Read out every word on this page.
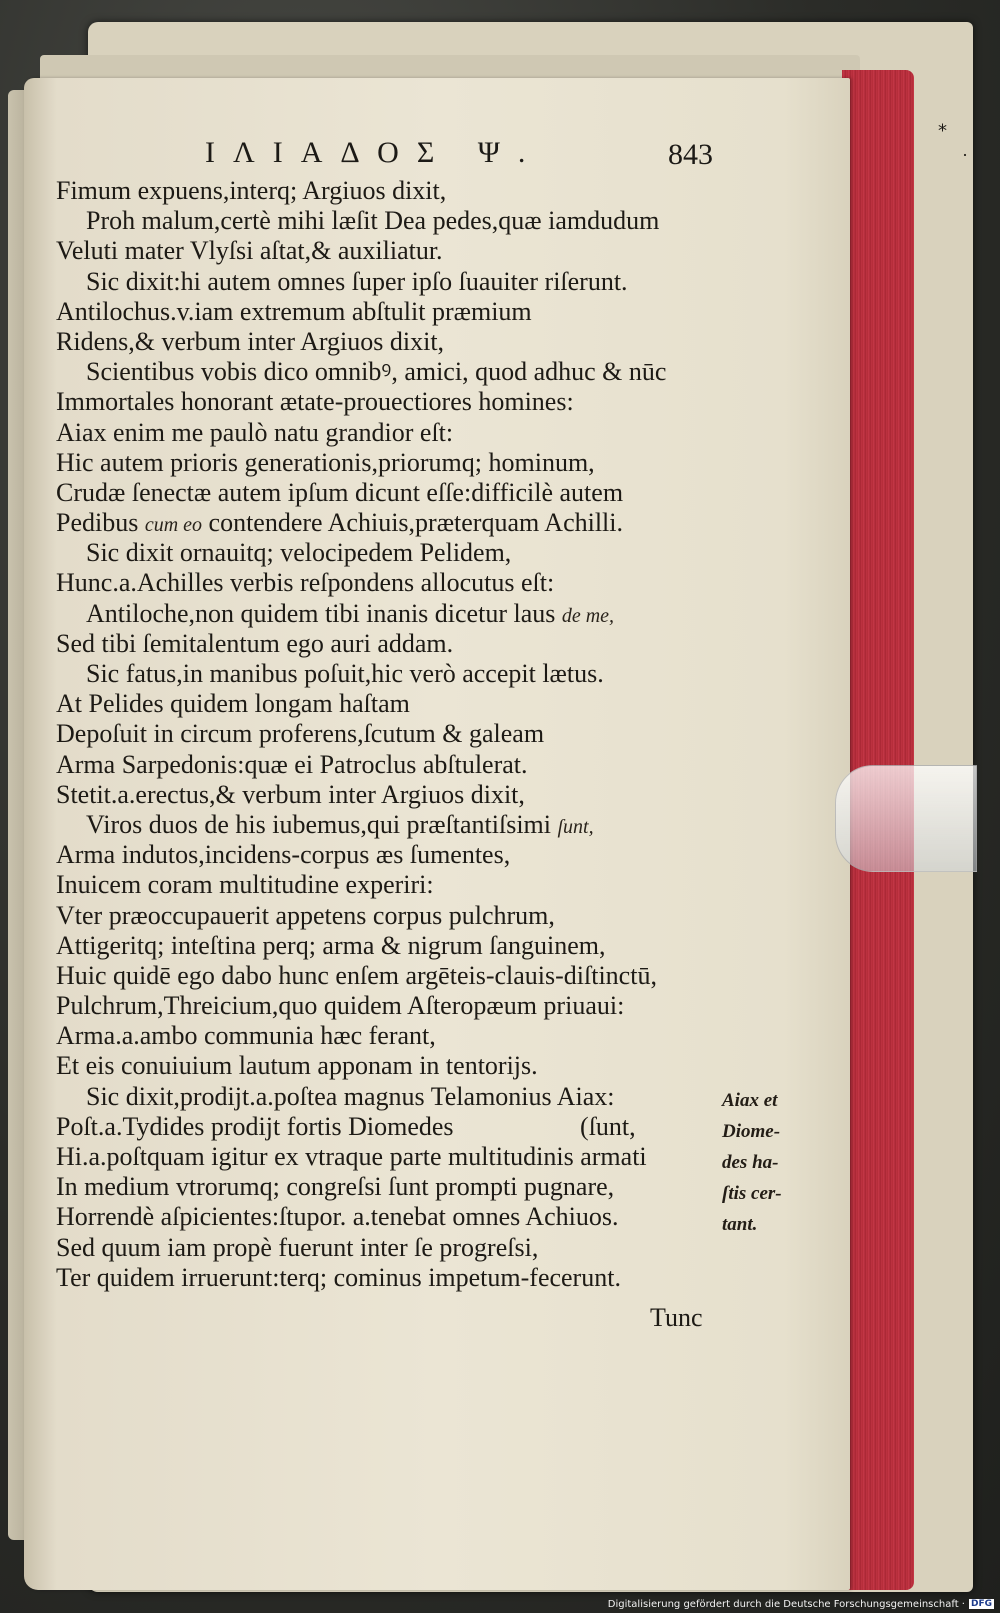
ΙΛΙΑΔΟΣ Ψ.	843
Fimum expuens,interq; Argiuos dixit,
Proh malum,certè mihi læſit Dea pedes,quæ iamdudum
Veluti mater Vlyſsi aſtat,& auxiliatur.
Sic dixit:hi autem omnes ſuper ipſo ſuauiter riſerunt.
Antilochus.v.iam extremum abſtulit præmium
Ridens,& verbum inter Argiuos dixit,
Scientibus vobis dico omnibꝰ, amici, quod adhuc & nūc
Immortales honorant ætate-prouectiores homines:
Aiax enim me paulò natu grandior eſt:
Hic autem prioris generationis,priorumq; hominum,
Crudæ ſenectæ autem ipſum dicunt eſſe:difficilè autem
Pedibus cum eo contendere Achiuis,præterquam Achilli.
Sic dixit ornauitq; velocipedem Pelidem,
Hunc.a.Achilles verbis reſpondens allocutus eſt:
Antiloche,non quidem tibi inanis dicetur laus de me,
Sed tibi ſemitalentum ego auri addam.
Sic fatus,in manibus poſuit,hic verò accepit lætus.
At Pelides quidem longam haſtam
Depoſuit in circum proferens,ſcutum & galeam
Arma Sarpedonis:quæ ei Patroclus abſtulerat.
Stetit.a.erectus,& verbum inter Argiuos dixit,
Viros duos de his iubemus,qui præſtantiſsimi ſunt,
Arma indutos,incidens-corpus æs ſumentes,
Inuicem coram multitudine experiri:
Vter præoccupauerit appetens corpus pulchrum,
Attigeritq; inteſtina perq; arma & nigrum ſanguinem,
Huic quidē ego dabo hunc enſem argēteis-clauis-diſtinctū,
Pulchrum,Threicium,quo quidem Aſteropæum priuaui:
Arma.a.ambo communia hæc ferant,
Et eis conuiuium lautum apponam in tentorijs.
Sic dixit,prodijt.a.poſtea magnus Telamonius Aiax:
Poſt.a.Tydides prodijt fortis Diomedes	(ſunt,
Hi.a.poſtquam igitur ex vtraque parte multitudinis armati
In medium vtrorumq; congreſsi ſunt prompti pugnare,
Horrendè aſpicientes:ſtupor. a.tenebat omnes Achiuos.
Sed quum iam propè fuerunt inter ſe progreſsi,
Ter quidem irruerunt:terq; cominus impetum-fecerunt.
Tunc
Aiax et
Diome-
des ha-
ſtis cer-
tant.
⁎
·
Digitalisierung gefördert durch die Deutsche Forschungsgemeinschaft · DFG
